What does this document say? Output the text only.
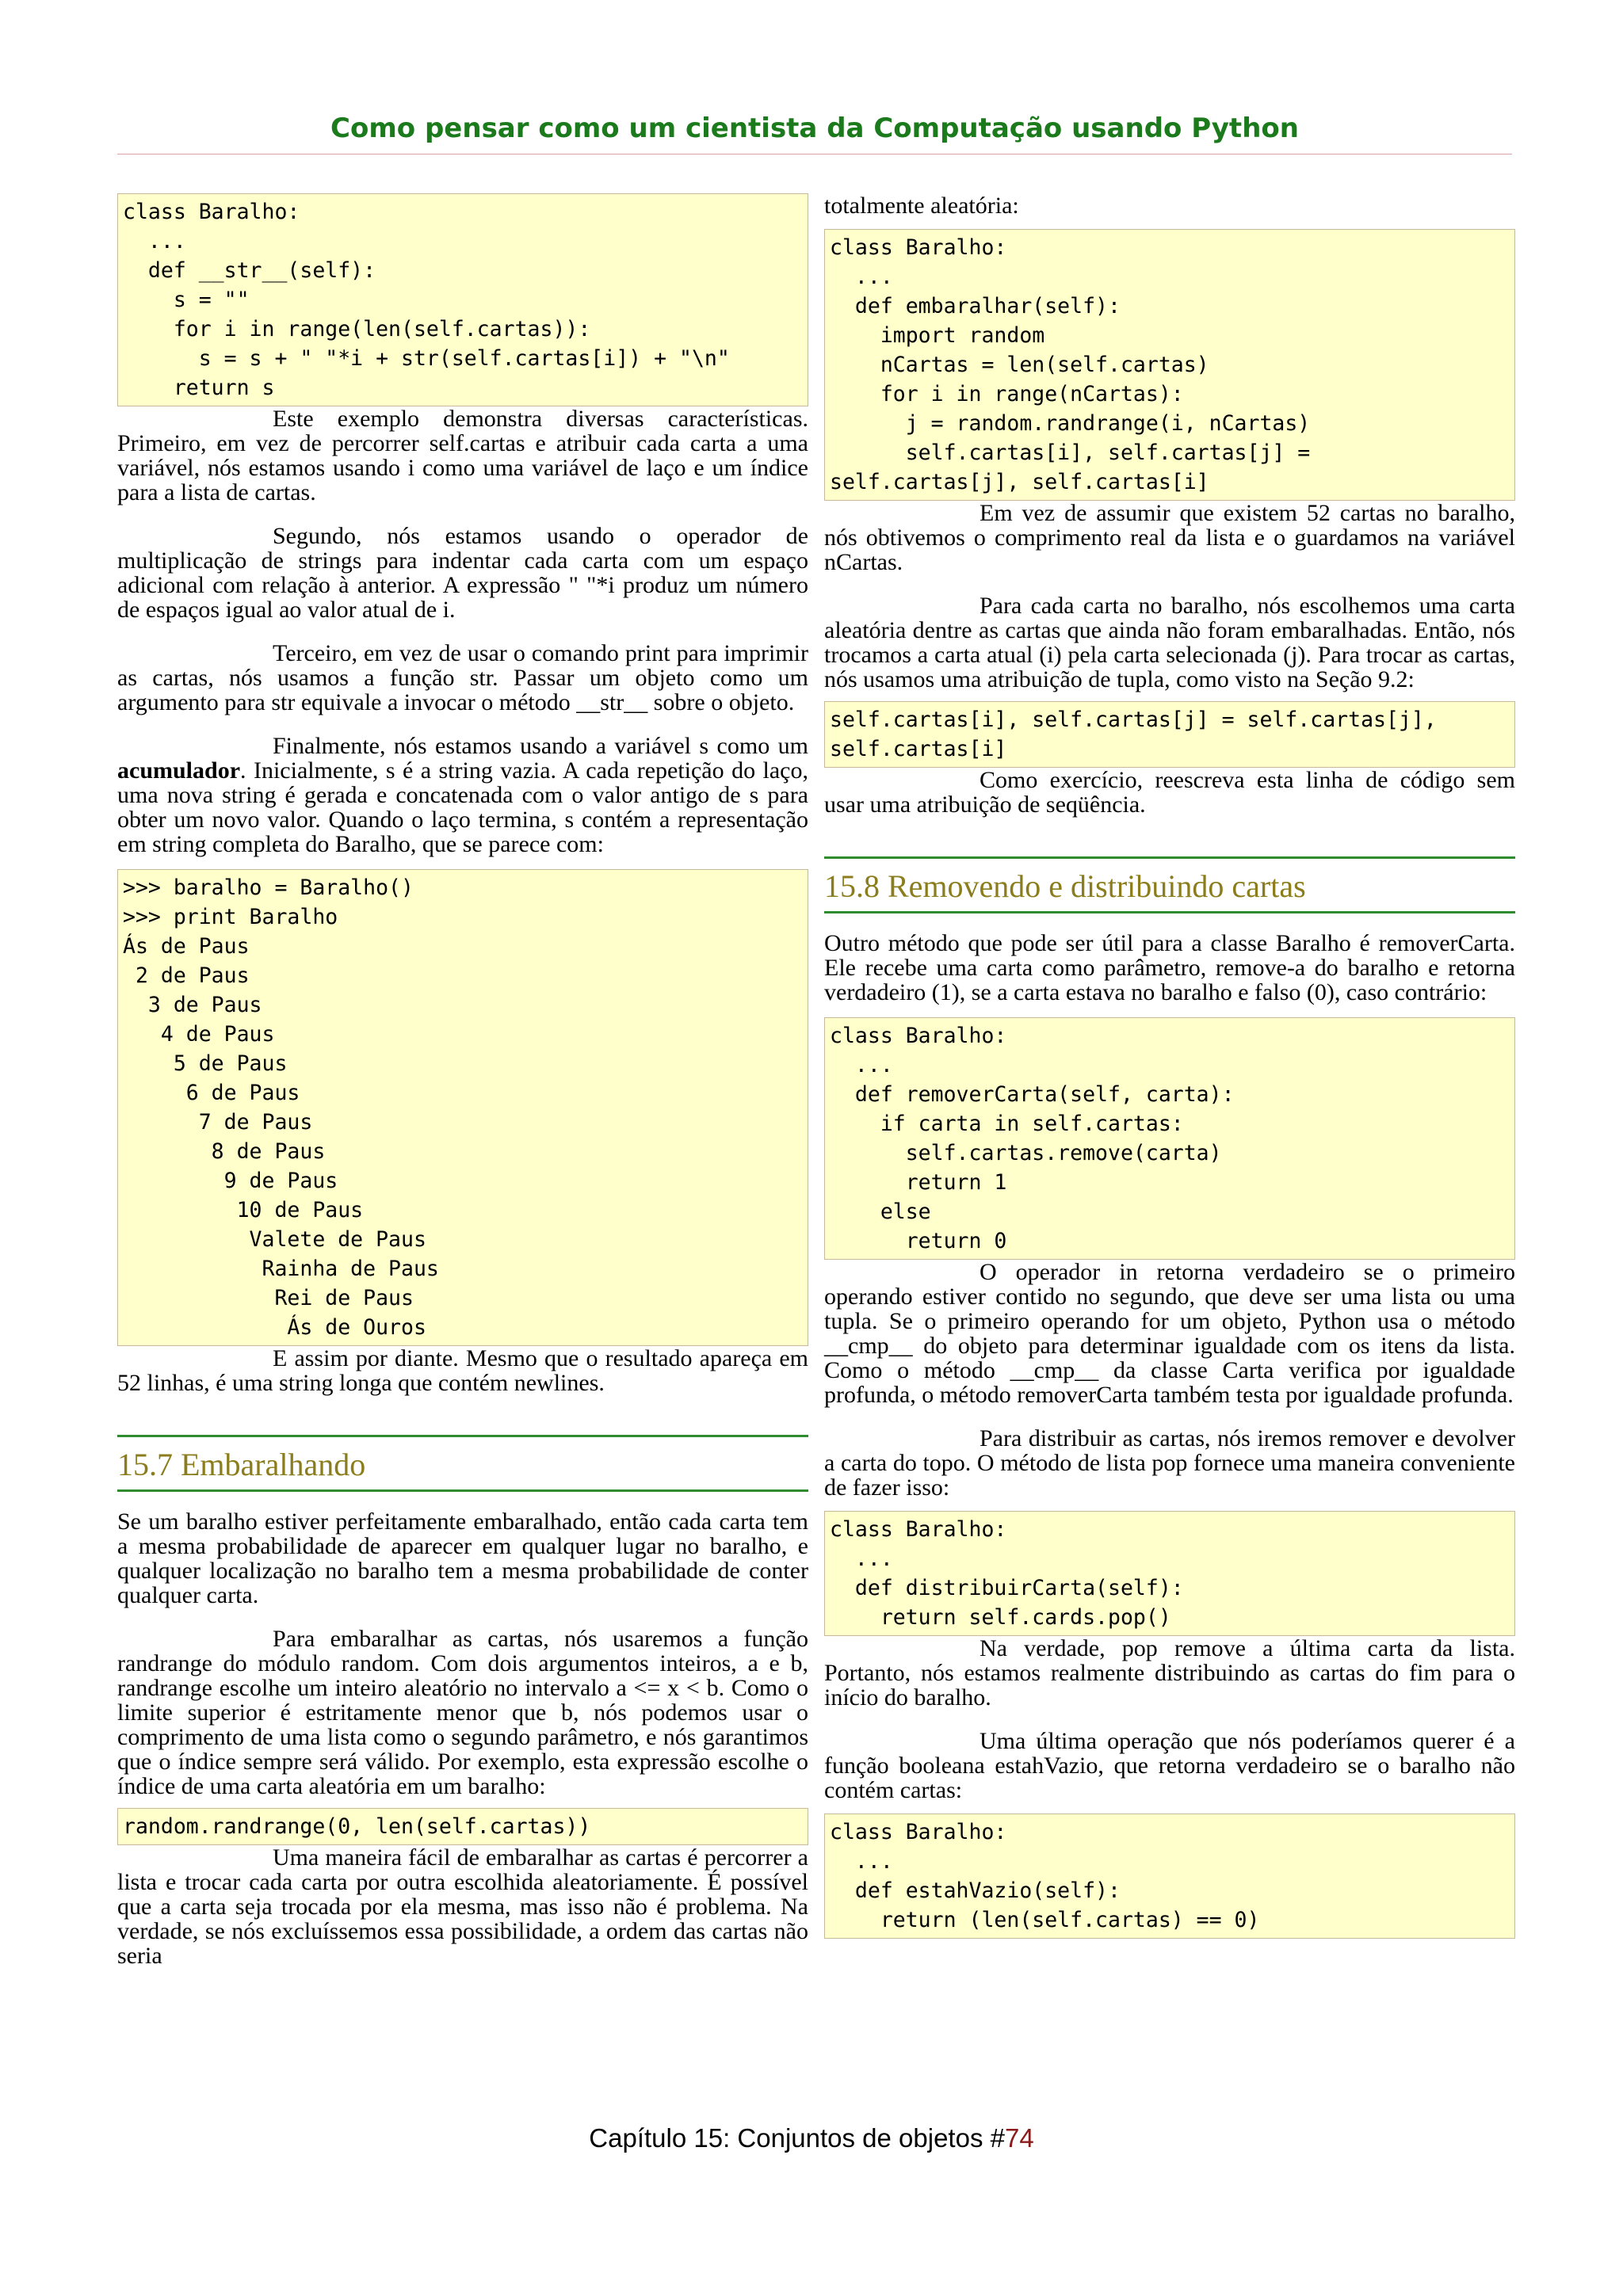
Como pensar como um cientista da Computação usando Python
class Baralho:
...
def __str__(self):
s = ""
for i in range(len(self.cartas)):
s = s + " "*i + str(self.cartas[i]) + "\n"
return s

Este exemplo demonstra diversas características. Primeiro, em vez de percorrer self.cartas e atribuir cada carta a uma variável, nós estamos usando i como uma variável de laço e um índice para a lista de cartas.

Segundo, nós estamos usando o operador de multiplicação de strings para indentar cada carta com um espaço adicional com relação à anterior. A expressão " "*i produz um número de espaços igual ao valor atual de i.

Terceiro, em vez de usar o comando print para imprimir as cartas, nós usamos a função str. Passar um objeto como um argumento para str equivale a invocar o método __str__ sobre o objeto.

Finalmente, nós estamos usando a variável s como um acumulador. Inicialmente, s é a string vazia. A cada repetição do laço, uma nova string é gerada e concatenada com o valor antigo de s para obter um novo valor. Quando o laço termina, s contém a representação em string completa do Baralho, que se parece com:

>>> baralho = Baralho()
>>> print Baralho
Ás de Paus
2 de Paus
3 de Paus
4 de Paus
5 de Paus
6 de Paus
7 de Paus
8 de Paus
9 de Paus
10 de Paus
Valete de Paus
Rainha de Paus
Rei de Paus
Ás de Ouros

E assim por diante. Mesmo que o resultado apareça em 52 linhas, é uma string longa que contém newlines.

15.7 Embaralhando

Se um baralho estiver perfeitamente embaralhado, então cada carta tem a mesma probabilidade de aparecer em qualquer lugar no baralho, e qualquer localização no baralho tem a mesma probabilidade de conter qualquer carta.

Para embaralhar as cartas, nós usaremos a função randrange do módulo random. Com dois argumentos inteiros, a e b, randrange escolhe um inteiro aleatório no intervalo a <= x < b. Como o limite superior é estritamente menor que b, nós podemos usar o comprimento de uma lista como o segundo parâmetro, e nós garantimos que o índice sempre será válido. Por exemplo, esta expressão escolhe o índice de uma carta aleatória em um baralho:

random.randrange(0, len(self.cartas))

Uma maneira fácil de embaralhar as cartas é percorrer a lista e trocar cada carta por outra escolhida aleatoriamente. É possível que a carta seja trocada por ela mesma, mas isso não é problema. Na verdade, se nós excluíssemos essa possibilidade, a ordem das cartas não seria

totalmente aleatória:

class Baralho:
...
def embaralhar(self):
import random
nCartas = len(self.cartas)
for i in range(nCartas):
j = random.randrange(i, nCartas)
self.cartas[i], self.cartas[j] =
self.cartas[j], self.cartas[i]

Em vez de assumir que existem 52 cartas no baralho, nós obtivemos o comprimento real da lista e o guardamos na variável nCartas.

Para cada carta no baralho, nós escolhemos uma carta aleatória dentre as cartas que ainda não foram embaralhadas. Então, nós trocamos a carta atual (i) pela carta selecionada (j). Para trocar as cartas, nós usamos uma atribuição de tupla, como visto na Seção 9.2:

self.cartas[i], self.cartas[j] = self.cartas[j],
self.cartas[i]

Como exercício, reescreva esta linha de código sem usar uma atribuição de seqüência.

15.8 Removendo e distribuindo cartas

Outro método que pode ser útil para a classe Baralho é removerCarta. Ele recebe uma carta como parâmetro, remove-a do baralho e retorna verdadeiro (1), se a carta estava no baralho e falso (0), caso contrário:

class Baralho:
...
def removerCarta(self, carta):
if carta in self.cartas:
self.cartas.remove(carta)
return 1
else
return 0

O operador in retorna verdadeiro se o primeiro operando estiver contido no segundo, que deve ser uma lista ou uma tupla. Se o primeiro operando for um objeto, Python usa o método __cmp__ do objeto para determinar igualdade com os itens da lista. Como o método __cmp__ da classe Carta verifica por igualdade profunda, o método removerCarta também testa por igualdade profunda.

Para distribuir as cartas, nós iremos remover e devolver a carta do topo. O método de lista pop fornece uma maneira conveniente de fazer isso:

class Baralho:
...
def distribuirCarta(self):
return self.cards.pop()

Na verdade, pop remove a última carta da lista. Portanto, nós estamos realmente distribuindo as cartas do fim para o início do baralho.

Uma última operação que nós poderíamos querer é a função booleana estahVazio, que retorna verdadeiro se o baralho não contém cartas:

class Baralho:
...
def estahVazio(self):
return (len(self.cartas) == 0)
Capítulo 15: Conjuntos de objetos #74
